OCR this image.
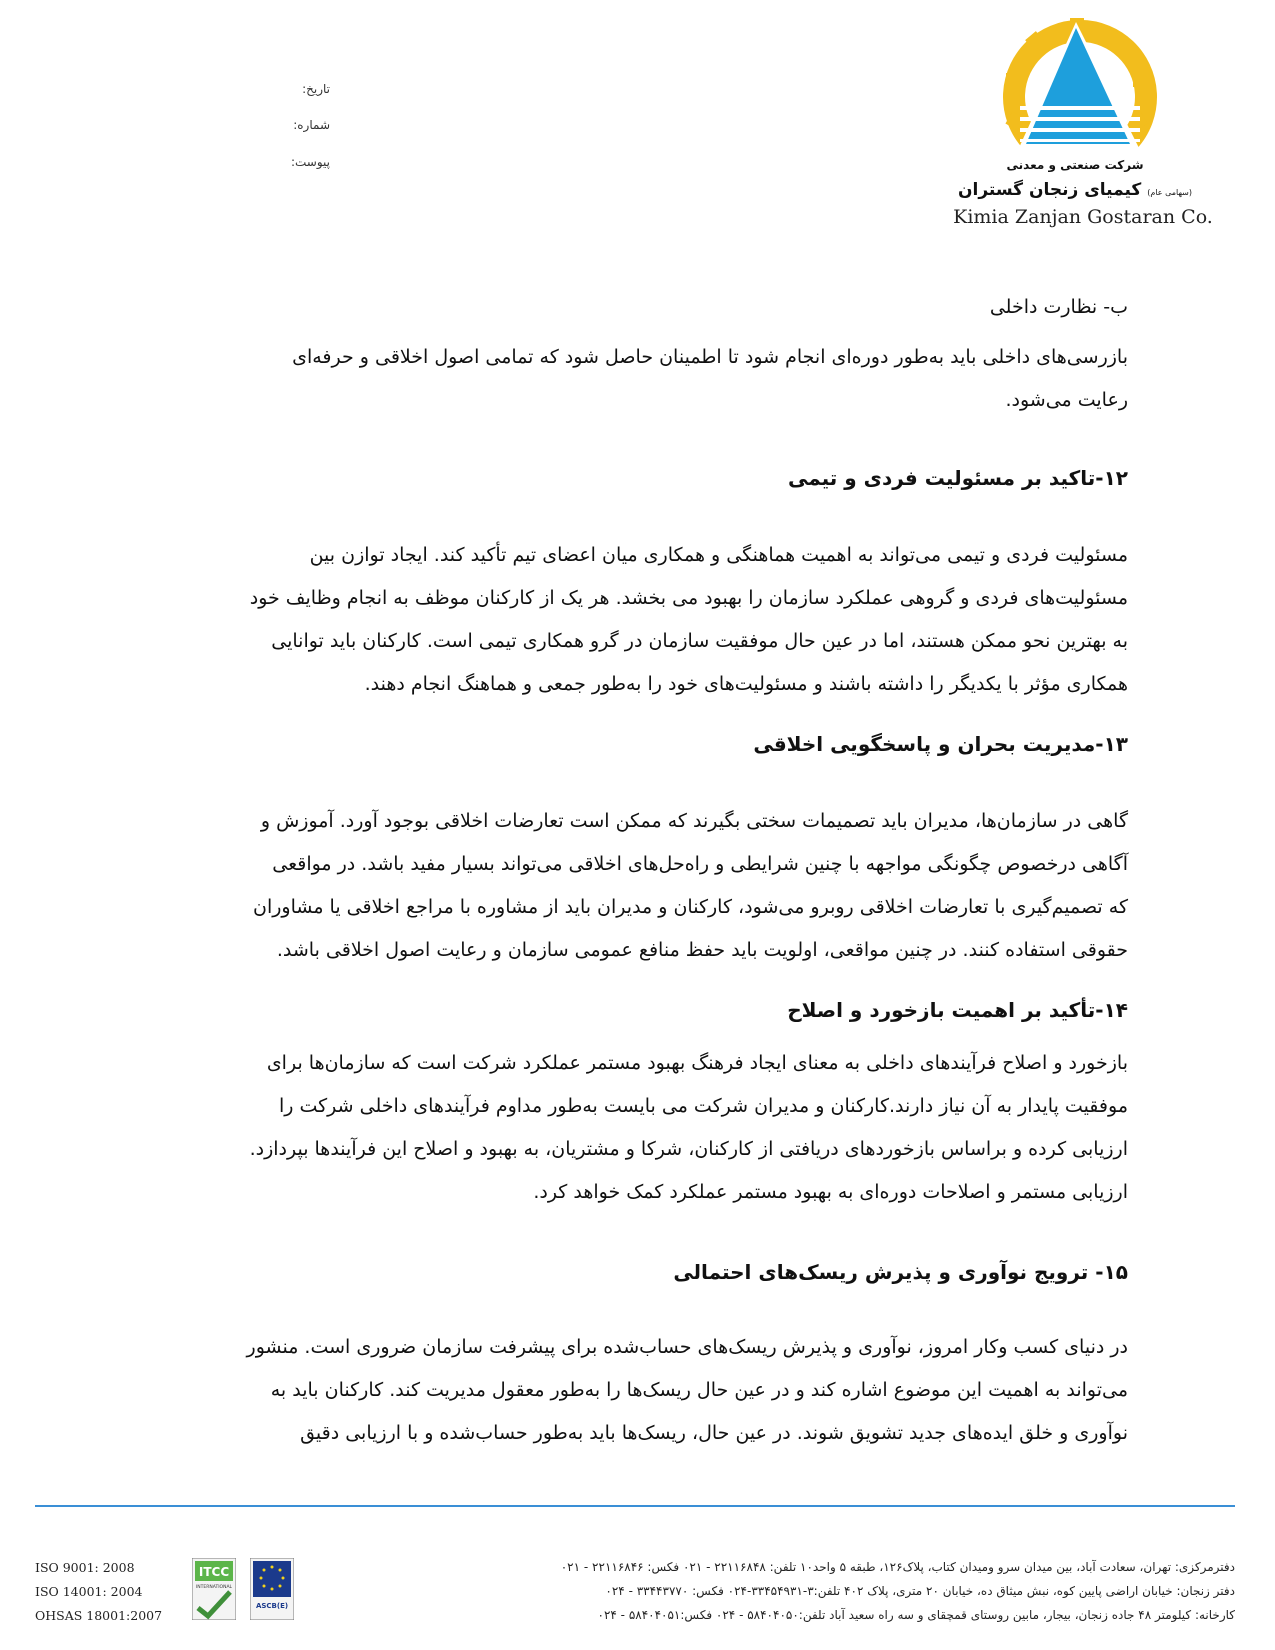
شرکت صنعتی و معدنی
(سهامی عام) کیمیای زنجان گستران
Kimia Zanjan Gostaran Co.
تاریخ:
شماره:
پیوست:
ب- نظارت داخلی
بازرسی‌های داخلی باید به‌طور دوره‌ای انجام شود تا اطمینان حاصل شود که تمامی اصول اخلاقی و حرفه‌ای
رعایت می‌شود.
۱۲-تاکید بر مسئولیت فردی و تیمی
مسئولیت فردی و تیمی می‌تواند به اهمیت هماهنگی و همکاری میان اعضای تیم تأکید کند. ایجاد توازن بین
مسئولیت‌های فردی و گروهی عملکرد سازمان را بهبود می بخشد. هر یک از کارکنان موظف به انجام وظایف خود
به بهترین نحو ممکن هستند، اما در عین حال موفقیت سازمان در گرو همکاری تیمی است. کارکنان باید توانایی
همکاری مؤثر با یکدیگر را داشته باشند و مسئولیت‌های خود را به‌طور جمعی و هماهنگ انجام دهند.
۱۳-مدیریت بحران و پاسخگویی اخلاقی
گاهی در سازمان‌ها، مدیران باید تصمیمات سختی بگیرند که ممکن است تعارضات اخلاقی بوجود آورد. آموزش و
آگاهی درخصوص چگونگی مواجهه با چنین شرایطی و راه‌حل‌های اخلاقی می‌تواند بسیار مفید باشد. در مواقعی
که تصمیم‌گیری با تعارضات اخلاقی روبرو می‌شود، کارکنان و مدیران باید از مشاوره با مراجع اخلاقی یا مشاوران
حقوقی استفاده کنند. در چنین مواقعی، اولویت باید حفظ منافع عمومی سازمان و رعایت اصول اخلاقی باشد.
۱۴-تأکید بر اهمیت بازخورد و اصلاح
بازخورد و اصلاح فرآیندهای داخلی به معنای ایجاد فرهنگ بهبود مستمر عملکرد شرکت است که سازمان‌ها برای
موفقیت پایدار به آن نیاز دارند.کارکنان و مدیران شرکت می بایست به‌طور مداوم فرآیندهای داخلی شرکت را
ارزیابی کرده و براساس بازخوردهای دریافتی از کارکنان، شرکا و مشتریان، به بهبود و اصلاح این فرآیندها بپردازد.
ارزیابی مستمر و اصلاحات دوره‌ای به بهبود مستمر عملکرد کمک خواهد کرد.
۱۵- ترویج نوآوری و پذیرش ریسک‌های احتمالی
در دنیای کسب وکار امروز، نوآوری و پذیرش ریسک‌های حساب‌شده برای پیشرفت سازمان ضروری است. منشور
می‌تواند به اهمیت این موضوع اشاره کند و در عین حال ریسک‌ها را به‌طور معقول مدیریت کند. کارکنان باید به
نوآوری و خلق ایده‌های جدید تشویق شوند. در عین حال، ریسک‌ها باید به‌طور حساب‌شده و با ارزیابی دقیق
ISO 9001: 2008
ISO 14001: 2004
OHSAS 18001:2007
ITCC
INTERNATIONAL
ASCB(E)
دفترمرکزی: تهران، سعادت آباد، بین میدان سرو ومیدان کتاب، پلاک۱۲۶، طبقه ۵ واحد۱۰ تلفن: ۲۲۱۱۶۸۴۸ - ۰۲۱ فکس: ۲۲۱۱۶۸۴۶ - ۰۲۱
دفتر زنجان: خیابان اراضی پایین کوه، نبش میثاق ده، خیابان ۲۰ متری، پلاک ۴۰۲ تلفن:۳-۳۳۴۵۴۹۳۱-۰۲۴ فکس: ۳۳۴۴۳۷۷۰ - ۰۲۴
کارخانه: کیلومتر ۴۸ جاده زنجان، بیجار، مابین روستای قمچقای و سه راه سعید آباد تلفن:۵۸۴۰۴۰۵۰ - ۰۲۴ فکس:۵۸۴۰۴۰۵۱ - ۰۲۴
